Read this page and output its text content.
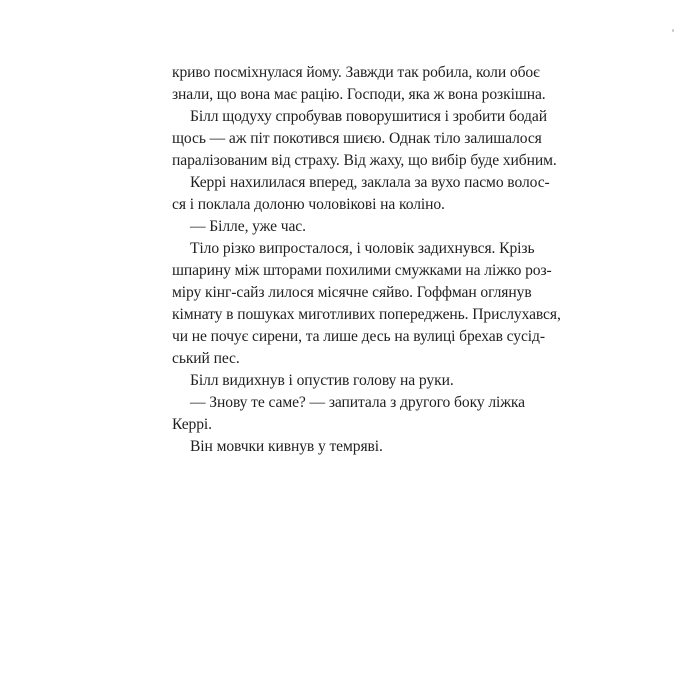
криво посміхнулася йому. Завжди так робила, коли обоє
знали, що вона має рацію. Господи, яка ж вона розкішна.
Білл щодуху спробував поворушитися і зробити бодай
щось — аж піт покотився шиєю. Однак тіло залишалося
паралізованим від страху. Від жаху, що вибір буде хибним.
Керрі нахилилася вперед, заклала за вухо пасмо волос-
ся і поклала долоню чоловікові на коліно.
— Білле, уже час.
Тіло різко випросталося, і чоловік задихнувся. Крізь
шпарину між шторами похилими смужками на ліжко роз-
міру кінг-сайз лилося місячне сяйво. Гоффман оглянув
кімнату в пошуках миготливих попереджень. Прислухався,
чи не почує сирени, та лише десь на вулиці брехав сусід-
ський пес.
Білл видихнув і опустив голову на руки.
— Знову те саме? — запитала з другого боку ліжка
Керрі.
Він мовчки кивнув у темряві.
